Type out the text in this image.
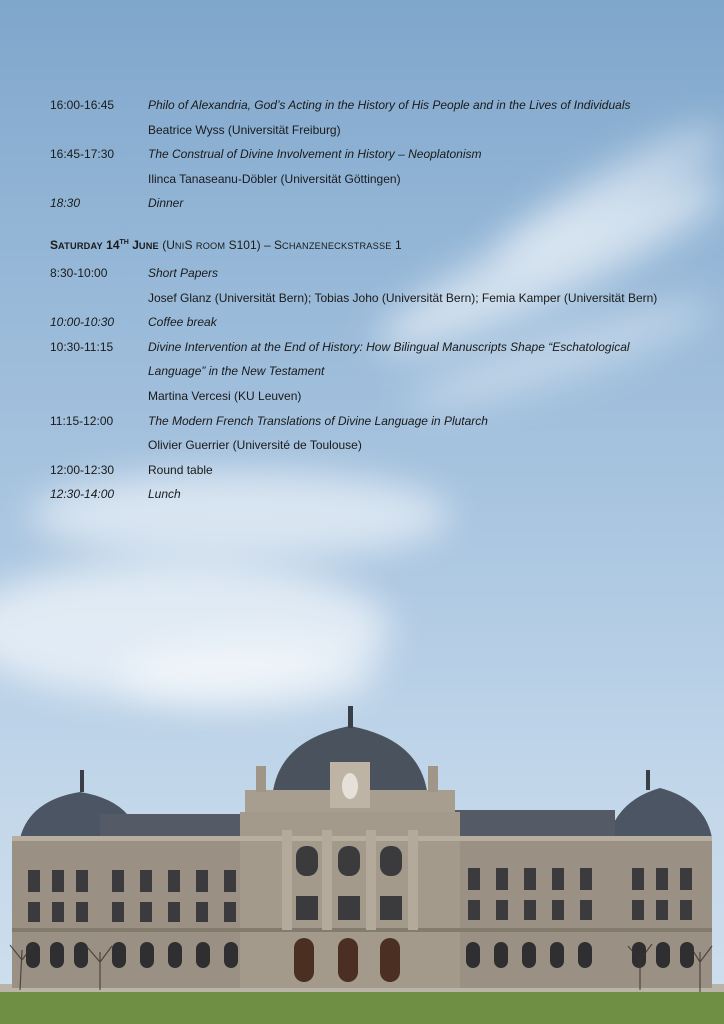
16:00-16:45	Philo of Alexandria, God’s Acting in the History of His People and in the Lives of Individuals
Beatrice Wyss (Universität Freiburg)
16:45-17:30	The Construal of Divine Involvement in History – Neoplatonism
Ilinca Tanaseanu-Döbler (Universität Göttingen)
18:30	Dinner
SATURDAY 14TH JUNE (UNIS ROOM S101) – SCHANZENECKSTRASSE 1
8:30-10:00	Short Papers
Josef Glanz (Universität Bern); Tobias Joho (Universität Bern); Femia Kamper (Universität Bern)
10:00-10:30	Coffee break
10:30-11:15	Divine Intervention at the End of History: How Bilingual Manuscripts Shape “Eschatological
Language” in the New Testament
Martina Vercesi (KU Leuven)
11:15-12:00	The Modern French Translations of Divine Language in Plutarch
Olivier Guerrier (Université de Toulouse)
12:00-12:30	Round table
12:30-14:00	Lunch
